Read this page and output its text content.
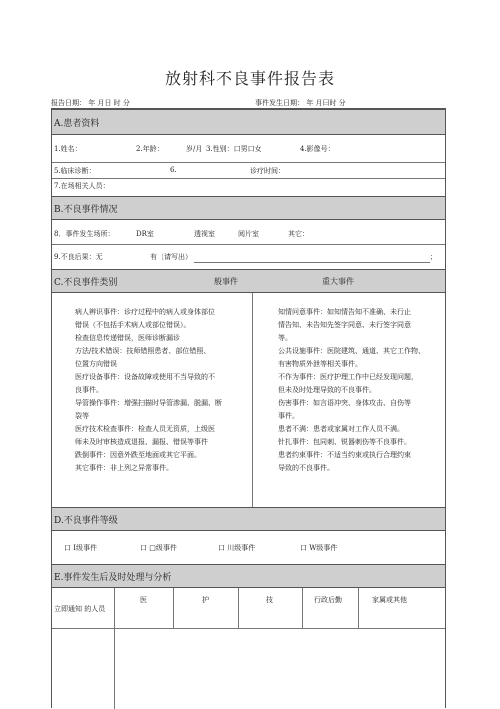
放射科不良事件报告表
报告日期： 年 月日 时 分	事件发生日期： 年 月曰时 分
A.患者资料
1.姓名：	2.年龄：	岁/月 3.性别：口男口女	4.影像号：
5.临床诊断：	6.	诊疗时间：
7.在场相关人员：
B.不良事件情况
8．事件发生场所：	DR室	透视室	阅片室	其它：
9.不良后果：无	有〔请写出）	；
C.不良事件类别	般事件	重大事件
病人辨识事件：诊疗过程中的病人或身体部位
错误（不包括手术病人或部位错误）。
检查信息传递错误，医师诊断漏诊
方法/技术错误：技师错照患者、部位错照、
位置方向错误
医疗设备事件：设备故障或使用不当导致的不
良事件。
导管操作事件：增强扫描时导管渗漏、脱漏、断
裂等
医疗技术检查事件：检查人员无资质，上级医
师未及时审核造成退报、漏报、错误等事件
跌倒事件：因意外跌至地面或其它平面。
其它事件：非上列之异常事件。
知情问意事件：如知情告知不准确、未行止
情告知、未告知先签字同意、未行签字同意
等。
公共设施事件：医院建筑、通道、其它工作物、
有害物质外泄等相关事件。
不作为事件：医疗护理工作中已经发现问题，
但未及时处理导致的不良事件。
伤害事件：如言语冲突、身体攻击、自伤等
事件。
患者不满：患者或家属对工作人员不满。
针扎事件：包同刺、锐器刺伤等不良事件。
患者约束事件：不适当约束或执行合理约束
导致的不良事件。
D.不良事件等级
口 I级事件	口 □级事件	口 川级事件	口 W级事件
E.事件发生后及时处理与分析
立即通知 的人员
医	护	技	行政后勤	家属或其他
